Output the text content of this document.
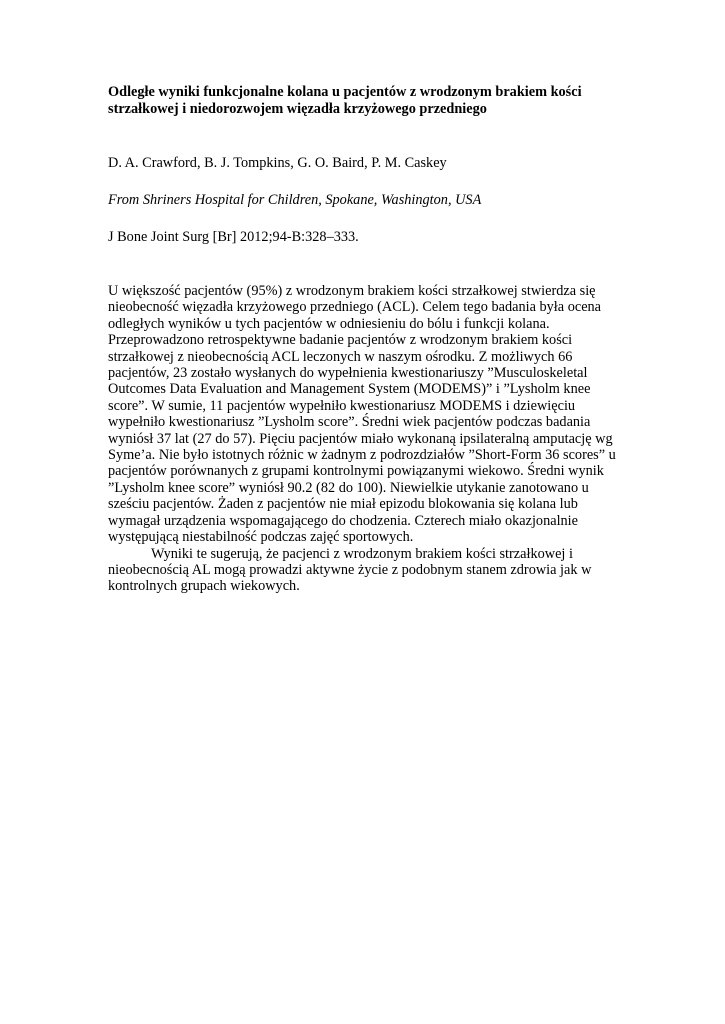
Odległe wyniki funkcjonalne kolana u pacjentów z wrodzonym brakiem kości strzałkowej i niedorozwojem więzadła krzyżowego przedniego

D. A. Crawford, B. J. Tompkins, G. O. Baird, P. M. Caskey

From Shriners Hospital for Children, Spokane, Washington, USA

J Bone Joint Surg [Br] 2012;94-B:328–333.

U większość pacjentów (95%) z wrodzonym brakiem kości strzałkowej stwierdza się nieobecność więzadła krzyżowego przedniego (ACL). Celem tego badania była ocena odległych wyników u tych pacjentów w odniesieniu do bólu i funkcji kolana. Przeprowadzono retrospektywne badanie pacjentów z wrodzonym brakiem kości strzałkowej z nieobecnością ACL leczonych w naszym ośrodku. Z możliwych 66 pacjentów, 23 zostało wysłanych do wypełnienia kwestionariuszy ”Musculoskeletal Outcomes Data Evaluation and Management System (MODEMS)” i ”Lysholm knee score”. W sumie, 11 pacjentów wypełniło kwestionariusz MODEMS i dziewięciu wypełniło kwestionariusz ”Lysholm score”. Średni wiek pacjentów podczas badania wyniósł 37 lat (27 do 57). Pięciu pacjentów miało wykonaną ipsilateralną amputację wg Syme’a. Nie było istotnych różnic w żadnym z podrozdziałów ”Short-Form 36 scores” u pacjentów porównanych z grupami kontrolnymi powiązanymi wiekowo. Średni wynik ”Lysholm knee score” wyniósł 90.2 (82 do 100). Niewielkie utykanie zanotowano u sześciu pacjentów. Żaden z pacjentów nie miał epizodu blokowania się kolana lub wymagał urządzenia wspomagającego do chodzenia. Czterech miało okazjonalnie występującą niestabilność podczas zajęć sportowych.

Wyniki te sugerują, że pacjenci z wrodzonym brakiem kości strzałkowej i nieobecnością AL mogą prowadzi aktywne życie z podobnym stanem zdrowia jak w kontrolnych grupach wiekowych.
